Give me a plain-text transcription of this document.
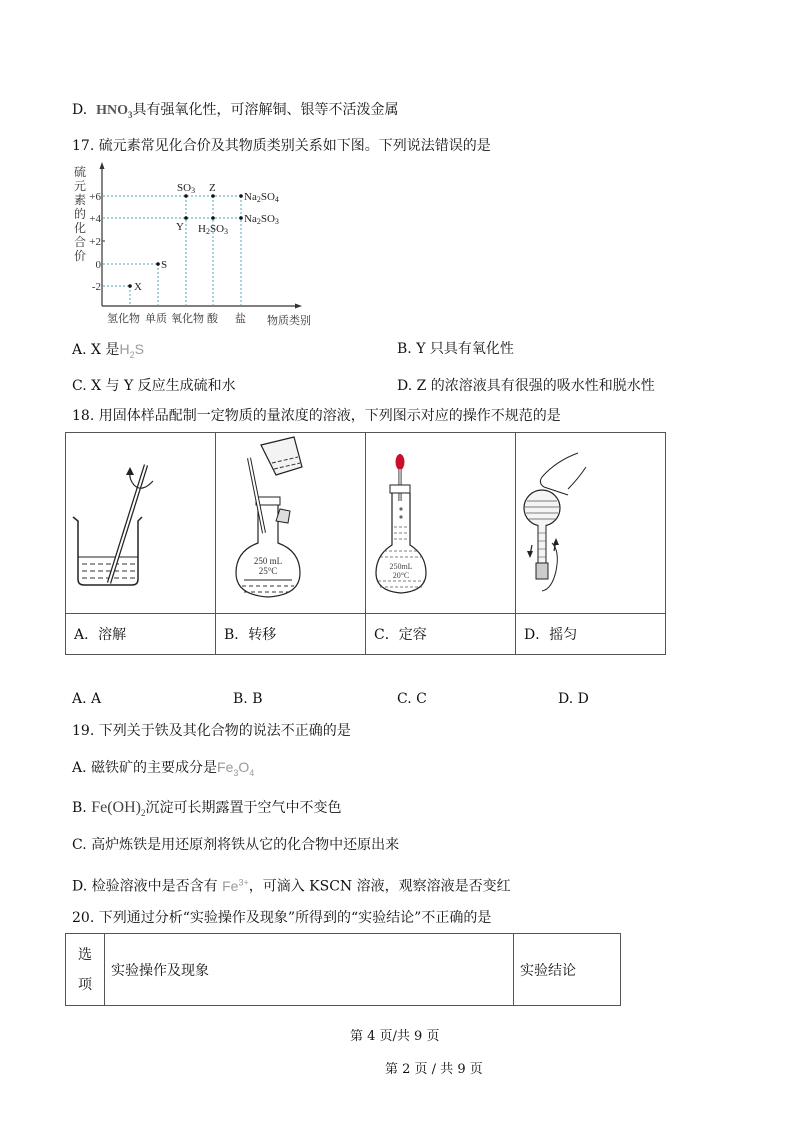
D. $HNO_3$具有强氧化性，可溶解铜、银等不活泼金属
17. 硫元素常见化合价及其物质类别关系如下图。下列说法错误的是
硫
元
素
的
化
合
价
+6
+4
+2
0
-2	X
S
SO3 Z
Y H2SO3
Na2SO4
Na2SO3
氢化物 单质 氧化物 酸 盐 物质类别
A. X 是$H_2S$	B. Y 只具有氧化性
C. X 与 Y 反应生成硫和水	D. Z 的浓溶液具有很强的吸水性和脱水性
18. 用固体样品配制一定物质的量浓度的溶液，下列图示对应的操作不规范的是

250 mL
25°C	250mL
20°C

A．溶解	B．转移	C．定容	D．摇匀
A. A	B. B	C. C	D. D
19. 下列关于铁及其化合物的说法不正确的是
A. 磁铁矿的主要成分是$Fe_3O_4$
B. $Fe(OH)_2$沉淀可长期露置于空气中不变色
C. 高炉炼铁是用还原剂将铁从它的化合物中还原出来
D. 检验溶液中是否含有 $Fe^{3+}$，可滴入 KSCN 溶液，观察溶液是否变红
20. 下列通过分析“实验操作及现象”所得到的“实验结论”不正确的是
选
项
	实验操作及现象	实验结论
第 4 页/共 9 页
第 2 页 / 共 9 页
